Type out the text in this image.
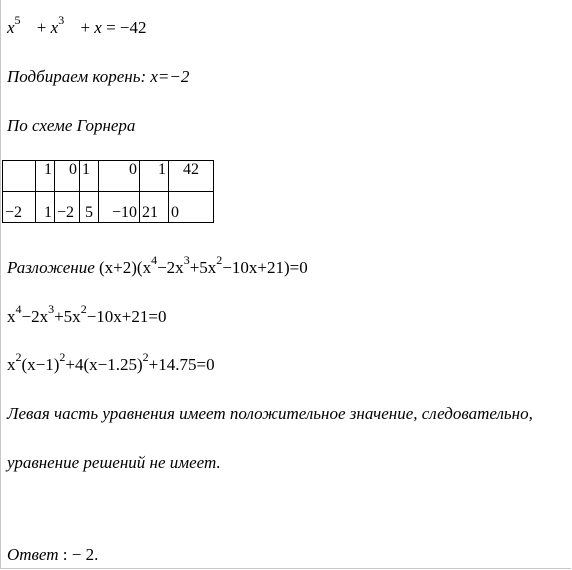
$x^5 + x^3 + x = -42$
Подбираем корень: x=−2
По схеме Горнера
	1	0	1	0	1	42
−2	1	−2	5	−10	21	0
Разложение $(x+2)(x^4-2x^3+5x^2-10x+21)=0$
$x^4-2x^3+5x^2-10x+21=0$
$x^2(x-1)^2+4(x-1.25)^2+14.75=0$
Левая часть уравнения имеет положительное значение, следовательно,
уравнение решений не имеет.
Ответ : − 2.
